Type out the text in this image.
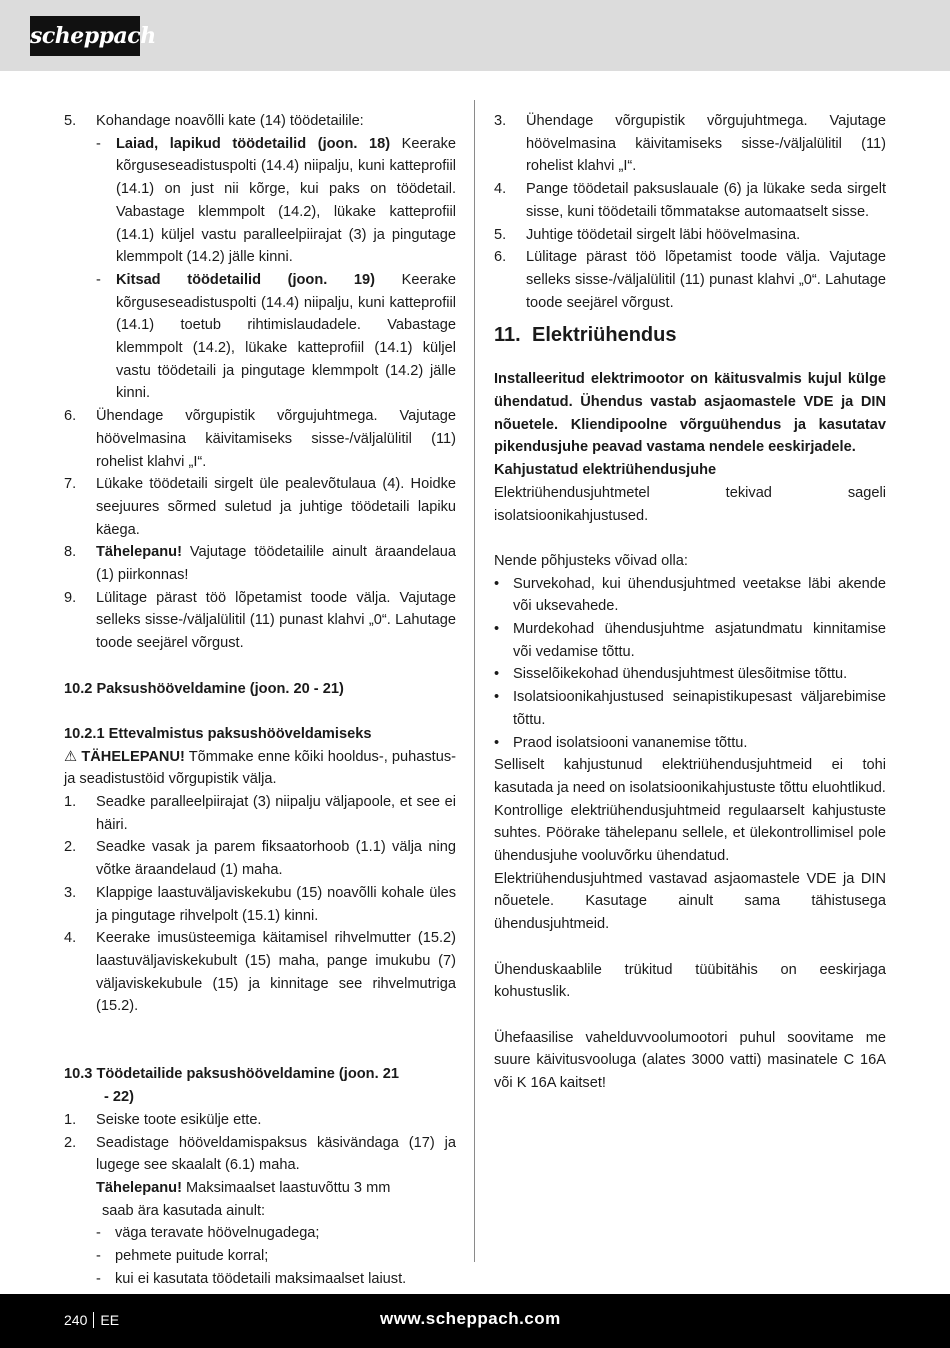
scheppach
5.	Kohandage noavõlli kate (14) töödetailile:
-	Laiad, lapikud töödetailid (joon. 18) Keerake kõrguseseadistuspolti (14.4) niipalju, kuni katteprofiil (14.1) on just nii kõrge, kui paks on töödetail. Vabastage klemmpolt (14.2), lükake katteprofiil (14.1) küljel vastu paralleelpiirajat (3) ja pingutage klemmpolt (14.2) jälle kinni.
-	Kitsad töödetailid (joon. 19) Keerake kõrguseseadistuspolti (14.4) niipalju, kuni katteprofiil (14.1) toetub rihtimislaudadele. Vabastage klemmpolt (14.2), lükake katteprofiil (14.1) küljel vastu töödetaili ja pingutage klemmpolt (14.2) jälle kinni.
6.	Ühendage võrgupistik võrgujuhtmega. Vajutage höövelmasina käivitamiseks sisse-/väljalülitil (11) rohelist klahvi „I“.
7.	Lükake töödetaili sirgelt üle pealevõtulaua (4). Hoidke seejuures sõrmed suletud ja juhtige töödetaili lapiku käega.
8.	Tähelepanu! Vajutage töödetailile ainult äraandelaua (1) piirkonnas!
9.	Lülitage pärast töö lõpetamist toode välja. Vajutage selleks sisse-/väljalülitil (11) punast klahvi „0“. Lahutage toode seejärel võrgust.
10.2 Paksushööveldamine (joon. 20 - 21)
10.2.1 Ettevalmistus paksushööveldamiseks

⚠ TÄHELEPANU! Tõmmake enne kõiki hooldus-, puhastus- ja seadistustöid võrgupistik välja.

1.	Seadke paralleelpiirajat (3) niipalju väljapoole, et see ei häiri.
2.	Seadke vasak ja parem fiksaatorhoob (1.1) välja ning võtke äraandelaud (1) maha.
3.	Klappige laastuväljaviskekubu (15) noavõlli kohale üles ja pingutage rihvelpolt (15.1) kinni.
4.	Keerake imusüsteemiga käitamisel rihvelmutter (15.2) laastuväljaviskekubult (15) maha, pange imukubu (7) väljaviskekubule (15) ja kinnitage see rihvelmutriga (15.2).
10.3 Töödetailide paksushööveldamine (joon. 21
- 22)
1.	Seiske toote esikülje ette.
2.	Seadistage hööveldamispaksus käsivändaga (17) ja lugege see skaalalt (6.1) maha.
Tähelepanu! Maksimaalset laastuvõttu 3 mm
saab ära kasutada ainult:
- väga teravate höövelnugadega;
- pehmete puitude korral;
- kui ei kasutata töödetaili maksimaalset laiust.
3.	Ühendage võrgupistik võrgujuhtmega. Vajutage höövelmasina käivitamiseks sisse-/väljalülitil (11) rohelist klahvi „I“.
4.	Pange töödetail paksuslauale (6) ja lükake seda sirgelt sisse, kuni töödetaili tõmmatakse automaatselt sisse.
5.	Juhtige töödetail sirgelt läbi höövelmasina.
6.	Lülitage pärast töö lõpetamist toode välja. Vajutage selleks sisse-/väljalülitil (11) punast klahvi „0“. Lahutage toode seejärel võrgust.
11. Elektriühendus
Installeeritud elektrimootor on käitusvalmis kujul külge ühendatud. Ühendus vastab asjaomastele VDE ja DIN nõuetele. Kliendipoolne võrguühendus ja kasutatav pikendusjuhe peavad vastama nendele eeskirjadele.
Kahjustatud elektriühendusjuhe

Elektriühendusjuhtmetel tekivad sageli isolatsioonikahjustused.

Nende põhjusteks võivad olla:

• Survekohad, kui ühendusjuhtmed veetakse läbi akende või uksevahede.
• Murdekohad ühendusjuhtme asjatundmatu kinnitamise või vedamise tõttu.
• Sisselõikekohad ühendusjuhtmest ülesõitmise tõttu.
• Isolatsioonikahjustused seinapistikupesast väljarebimise tõttu.
• Praod isolatsiooni vananemise tõttu.

Selliselt kahjustunud elektriühendusjuhtmeid ei tohi kasutada ja need on isolatsioonikahjustuste tõttu eluohtlikud.

Kontrollige elektriühendusjuhtmeid regulaarselt kahjustuste suhtes. Pöörake tähelepanu sellele, et ülekontrollimisel pole ühendusjuhe vooluvõrku ühendatud.

Elektriühendusjuhtmed vastavad asjaomastele VDE ja DIN nõuetele. Kasutage ainult sama tähistusega ühendusjuhtmeid.

Ühenduskaablile trükitud tüübitähis on eeskirjaga kohustuslik.

Ühefaasilise vahelduvvoolumootori puhul soovitame me suure käivitusvooluga (alates 3000 vatti) masinatele C 16A või K 16A kaitset!

240 EE	www.scheppach.com
